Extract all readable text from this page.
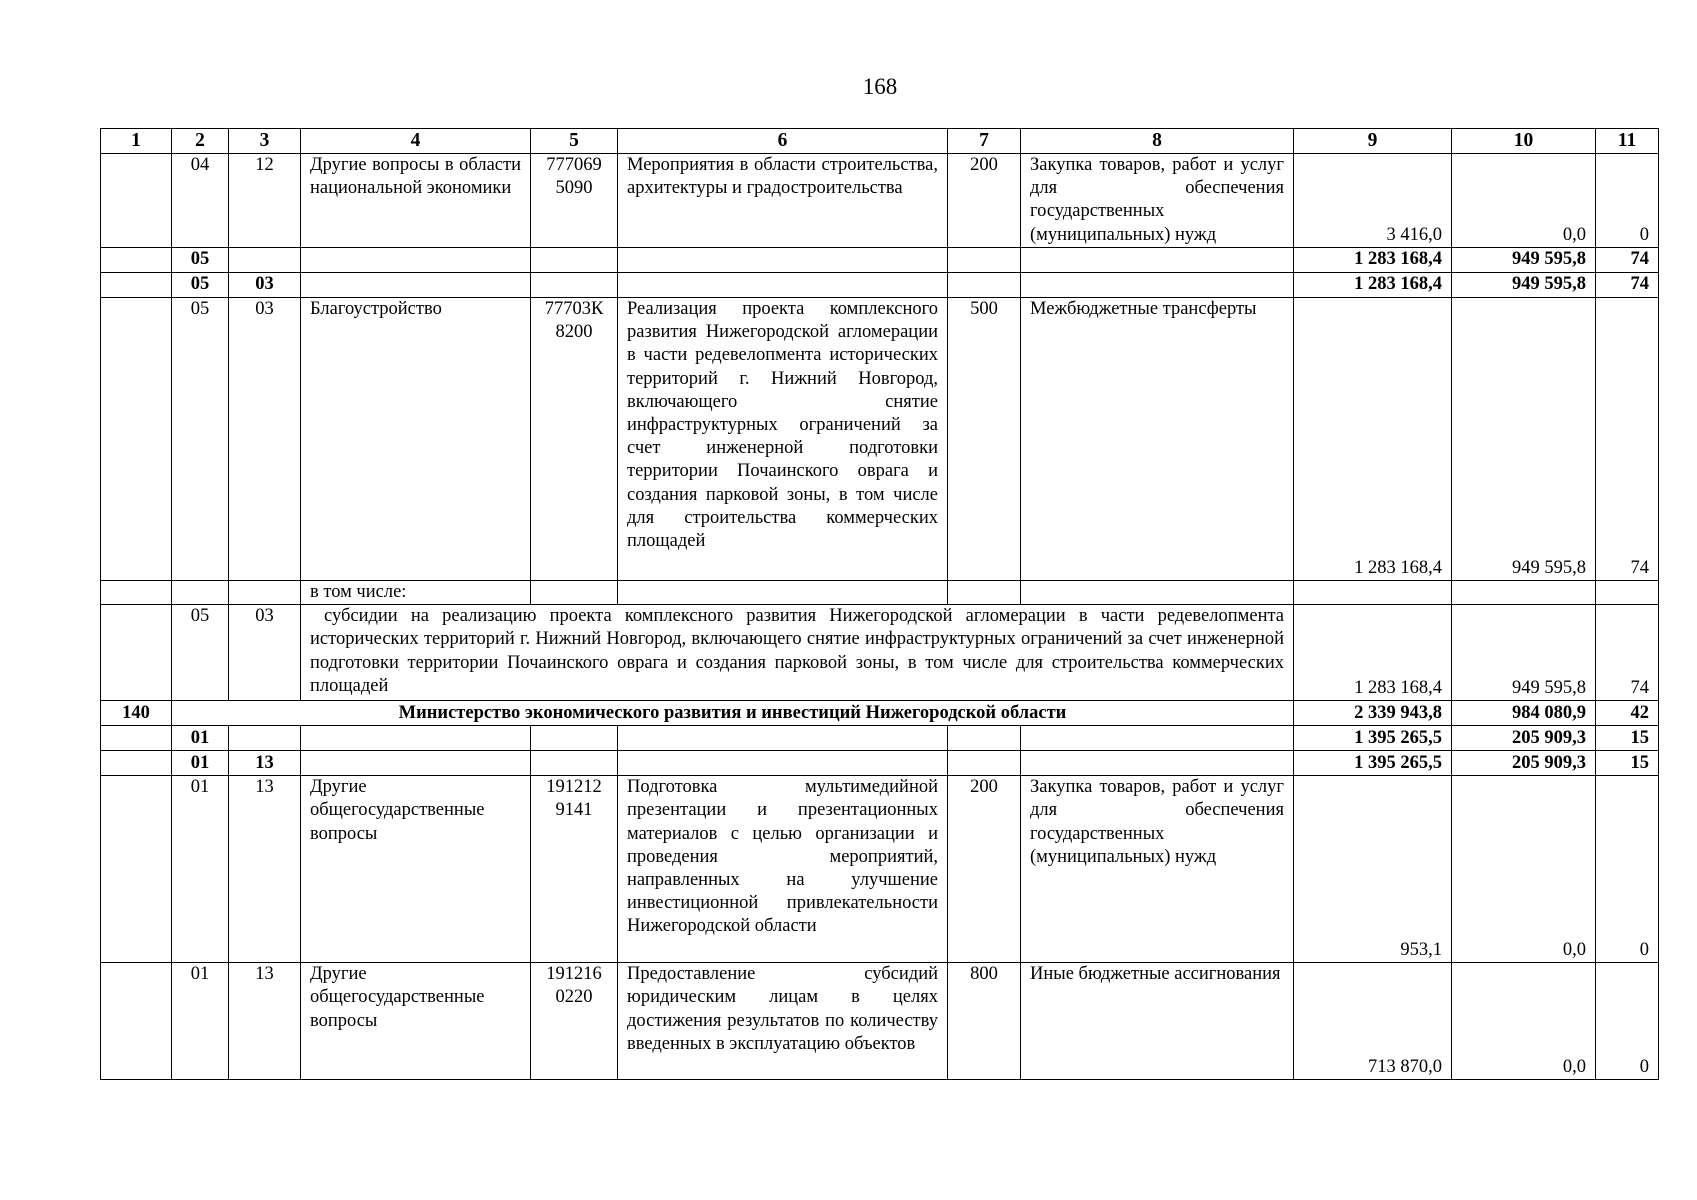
168
1	2	3	4	5	6	7	8	9	10	11
	04	12	Другие вопросы в области национальной экономики	777069 5090	Мероприятия в области строительства, архитектуры и градостроительства	200	Закупка товаров, работ и услуг для обеспечения государственных (муниципальных) нужд	3 416,0	0,0	0
	05							1 283 168,4	949 595,8	74
	05	03						1 283 168,4	949 595,8	74
	05	03	Благоустройство	77703К 8200	Реализация проекта комплексного развития Нижегородской агломерации в части редевелопмента исторических территорий г. Нижний Новгород, включающего снятие инфраструктурных ограничений за счет инженерной подготовки территории Почаинского оврага и создания парковой зоны, в том числе для строительства коммерческих площадей	500	Межбюджетные трансферты	1 283 168,4	949 595,8	74
			в том числе:							
	05	03	субсидии на реализацию проекта комплексного развития Нижегородской агломерации в части редевелопмента исторических территорий г. Нижний Новгород, включающего снятие инфраструктурных ограничений за счет инженерной подготовки территории Почаинского оврага и создания парковой зоны, в том числе для строительства коммерческих площадей					1 283 168,4	949 595,8	74
140	Министерство экономического развития и инвестиций Нижегородской области							2 339 943,8	984 080,9	42
	01							1 395 265,5	205 909,3	15
	01	13						1 395 265,5	205 909,3	15
	01	13	Другие общегосударственные вопросы	191212 9141	Подготовка мультимедийной презентации и презентационных материалов с целью организации и проведения мероприятий, направленных на улучшение инвестиционной привлекательности Нижегородской области	200	Закупка товаров, работ и услуг для обеспечения государственных (муниципальных) нужд	953,1	0,0	0
	01	13	Другие общегосударственные вопросы	191216 0220	Предоставление субсидий юридическим лицам в целях достижения результатов по количеству введенных в эксплуатацию объектов	800	Иные бюджетные ассигнования	713 870,0	0,0	0
